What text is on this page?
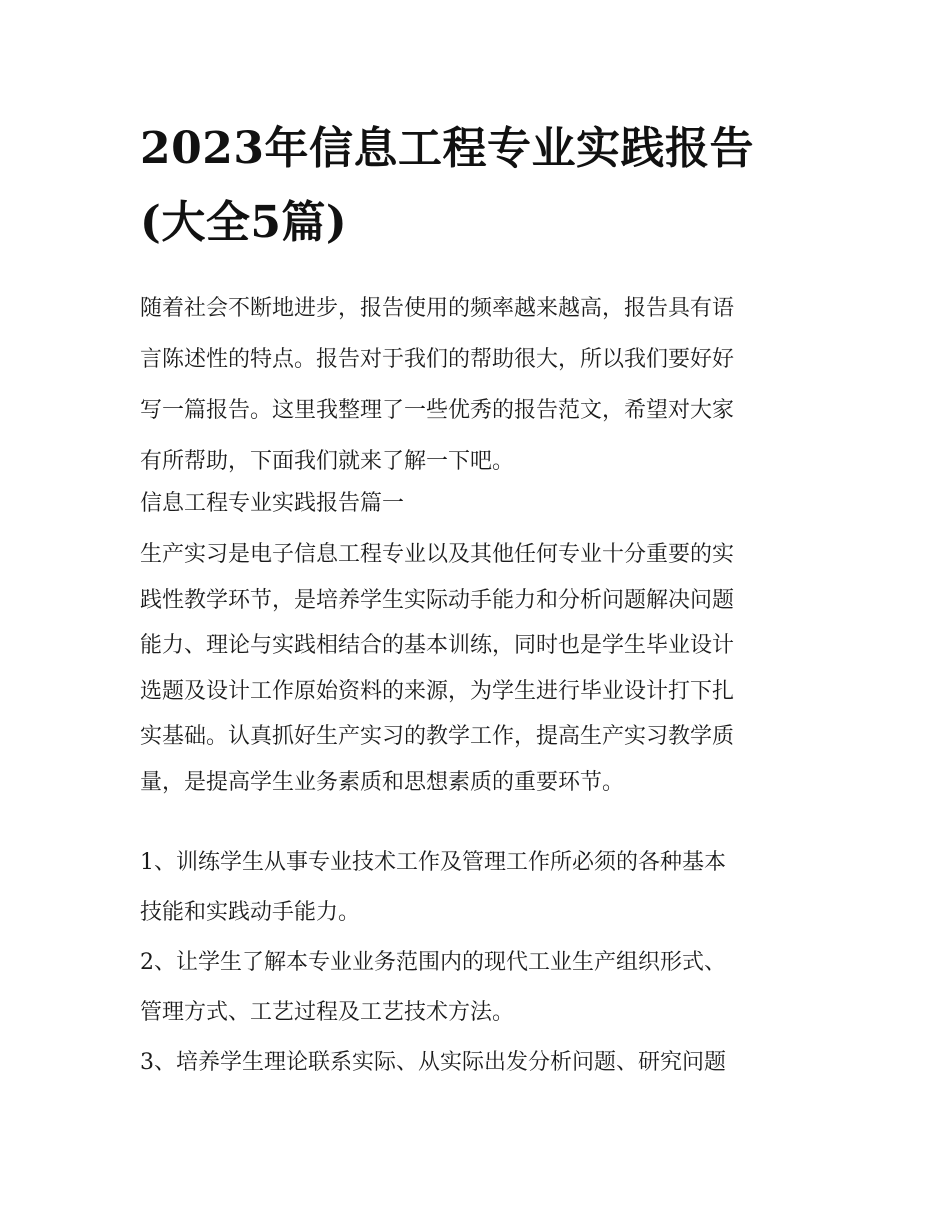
2023年信息工程专业实践报告
(大全5篇)
随着社会不断地进步，报告使用的频率越来越高，报告具有语
言陈述性的特点。报告对于我们的帮助很大，所以我们要好好
写一篇报告。这里我整理了一些优秀的报告范文，希望对大家
有所帮助，下面我们就来了解一下吧。
信息工程专业实践报告篇一
生产实习是电子信息工程专业以及其他任何专业十分重要的实
践性教学环节，是培养学生实际动手能力和分析问题解决问题
能力、理论与实践相结合的基本训练，同时也是学生毕业设计
选题及设计工作原始资料的来源，为学生进行毕业设计打下扎
实基础。认真抓好生产实习的教学工作，提高生产实习教学质
量，是提高学生业务素质和思想素质的重要环节。
1、训练学生从事专业技术工作及管理工作所必须的各种基本
技能和实践动手能力。
2、让学生了解本专业业务范围内的现代工业生产组织形式、
管理方式、工艺过程及工艺技术方法。
3、培养学生理论联系实际、从实际出发分析问题、研究问题
